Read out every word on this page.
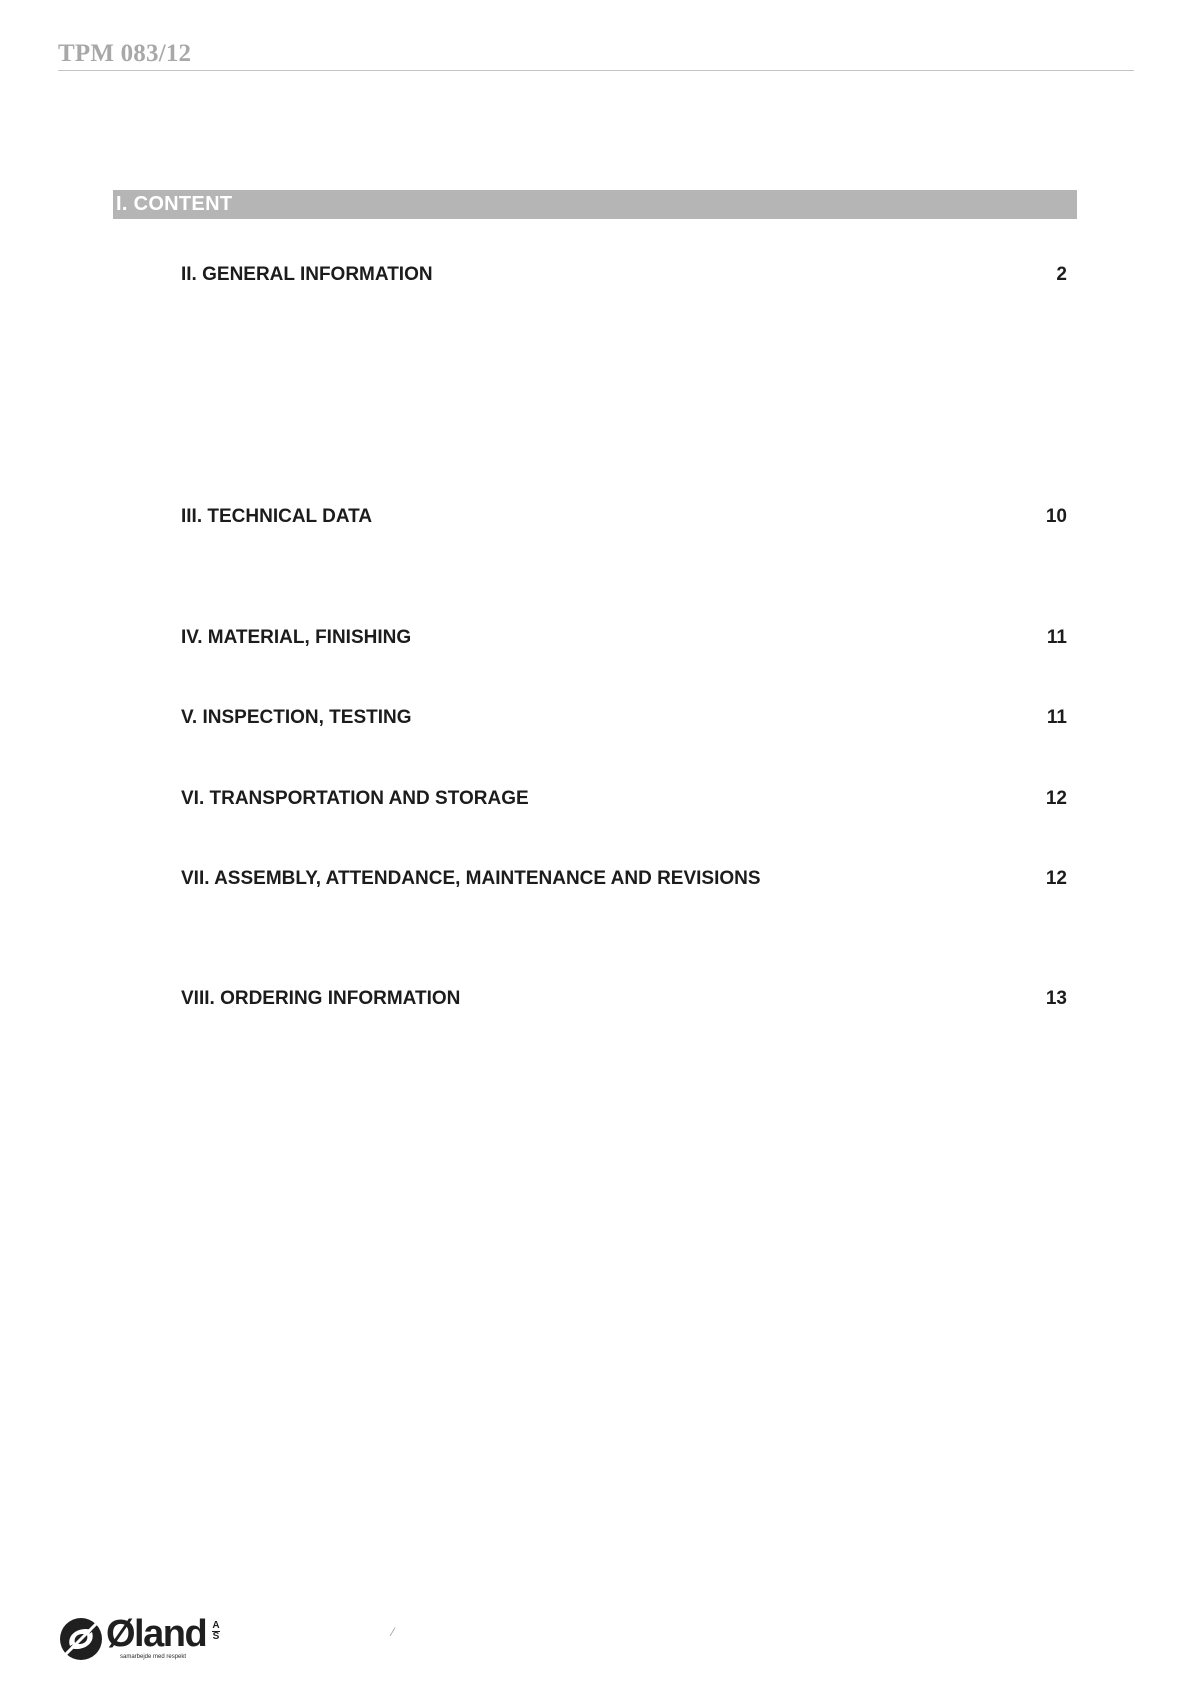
TPM 083/12
I. CONTENT
II. GENERAL INFORMATION	2
III. TECHNICAL DATA	10
IV. MATERIAL, FINISHING	11
V. INSPECTION, TESTING	11
VI. TRANSPORTATION AND STORAGE	12
VII. ASSEMBLY, ATTENDANCE, MAINTENANCE AND REVISIONS	12
VIII. ORDERING INFORMATION	13
Øland A
S
samarbejde med respekt
⁄
